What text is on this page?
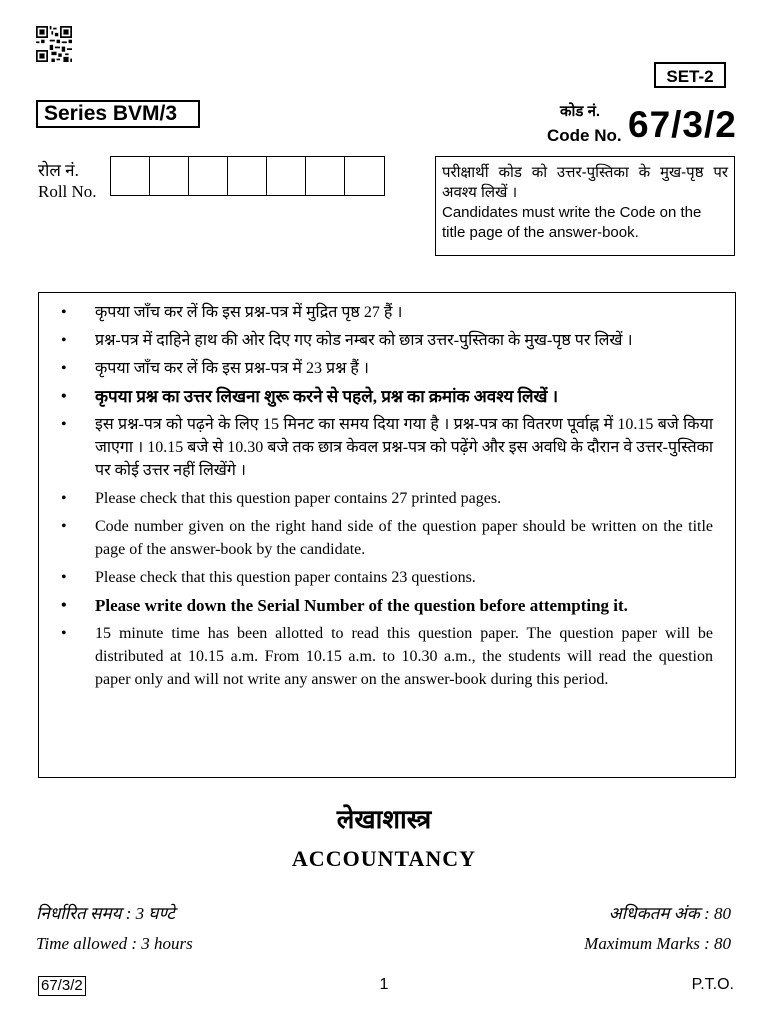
SET-2
Series BVM/3	कोड नं.
Code No. 67/3/2
रोल नं.
Roll No.

परीक्षार्थी कोड को उत्तर-पुस्तिका के मुख-पृष्ठ पर अवश्य लिखें ।

Candidates must write the Code on the title page of the answer-book.

• कृपया जाँच कर लें कि इस प्रश्न-पत्र में मुद्रित पृष्ठ 27 हैं ।
• प्रश्न-पत्र में दाहिने हाथ की ओर दिए गए कोड नम्बर को छात्र उत्तर-पुस्तिका के मुख-पृष्ठ पर लिखें ।
• कृपया जाँच कर लें कि इस प्रश्न-पत्र में 23 प्रश्न हैं ।
• कृपया प्रश्न का उत्तर लिखना शुरू करने से पहले, प्रश्न का क्रमांक अवश्य लिखें ।
• इस प्रश्न-पत्र को पढ़ने के लिए 15 मिनट का समय दिया गया है । प्रश्न-पत्र का वितरण पूर्वाह्न में 10.15 बजे किया जाएगा । 10.15 बजे से 10.30 बजे तक छात्र केवल प्रश्न-पत्र को पढ़ेंगे और इस अवधि के दौरान वे उत्तर-पुस्तिका पर कोई उत्तर नहीं लिखेंगे ।
• Please check that this question paper contains 27 printed pages.
• Code number given on the right hand side of the question paper should be written on the title page of the answer-book by the candidate.
• Please check that this question paper contains 23 questions.
• Please write down the Serial Number of the question before attempting it.
• 15 minute time has been allotted to read this question paper. The question paper will be distributed at 10.15 a.m. From 10.15 a.m. to 10.30 a.m., the students will read the question paper only and will not write any answer on the answer-book during this period.
लेखाशास्त्र
ACCOUNTANCY
निर्धारित समय : 3 घण्टे
Time allowed : 3 hours
अधिकतम अंक : 80
Maximum Marks : 80
67/3/2	1	P.T.O.
